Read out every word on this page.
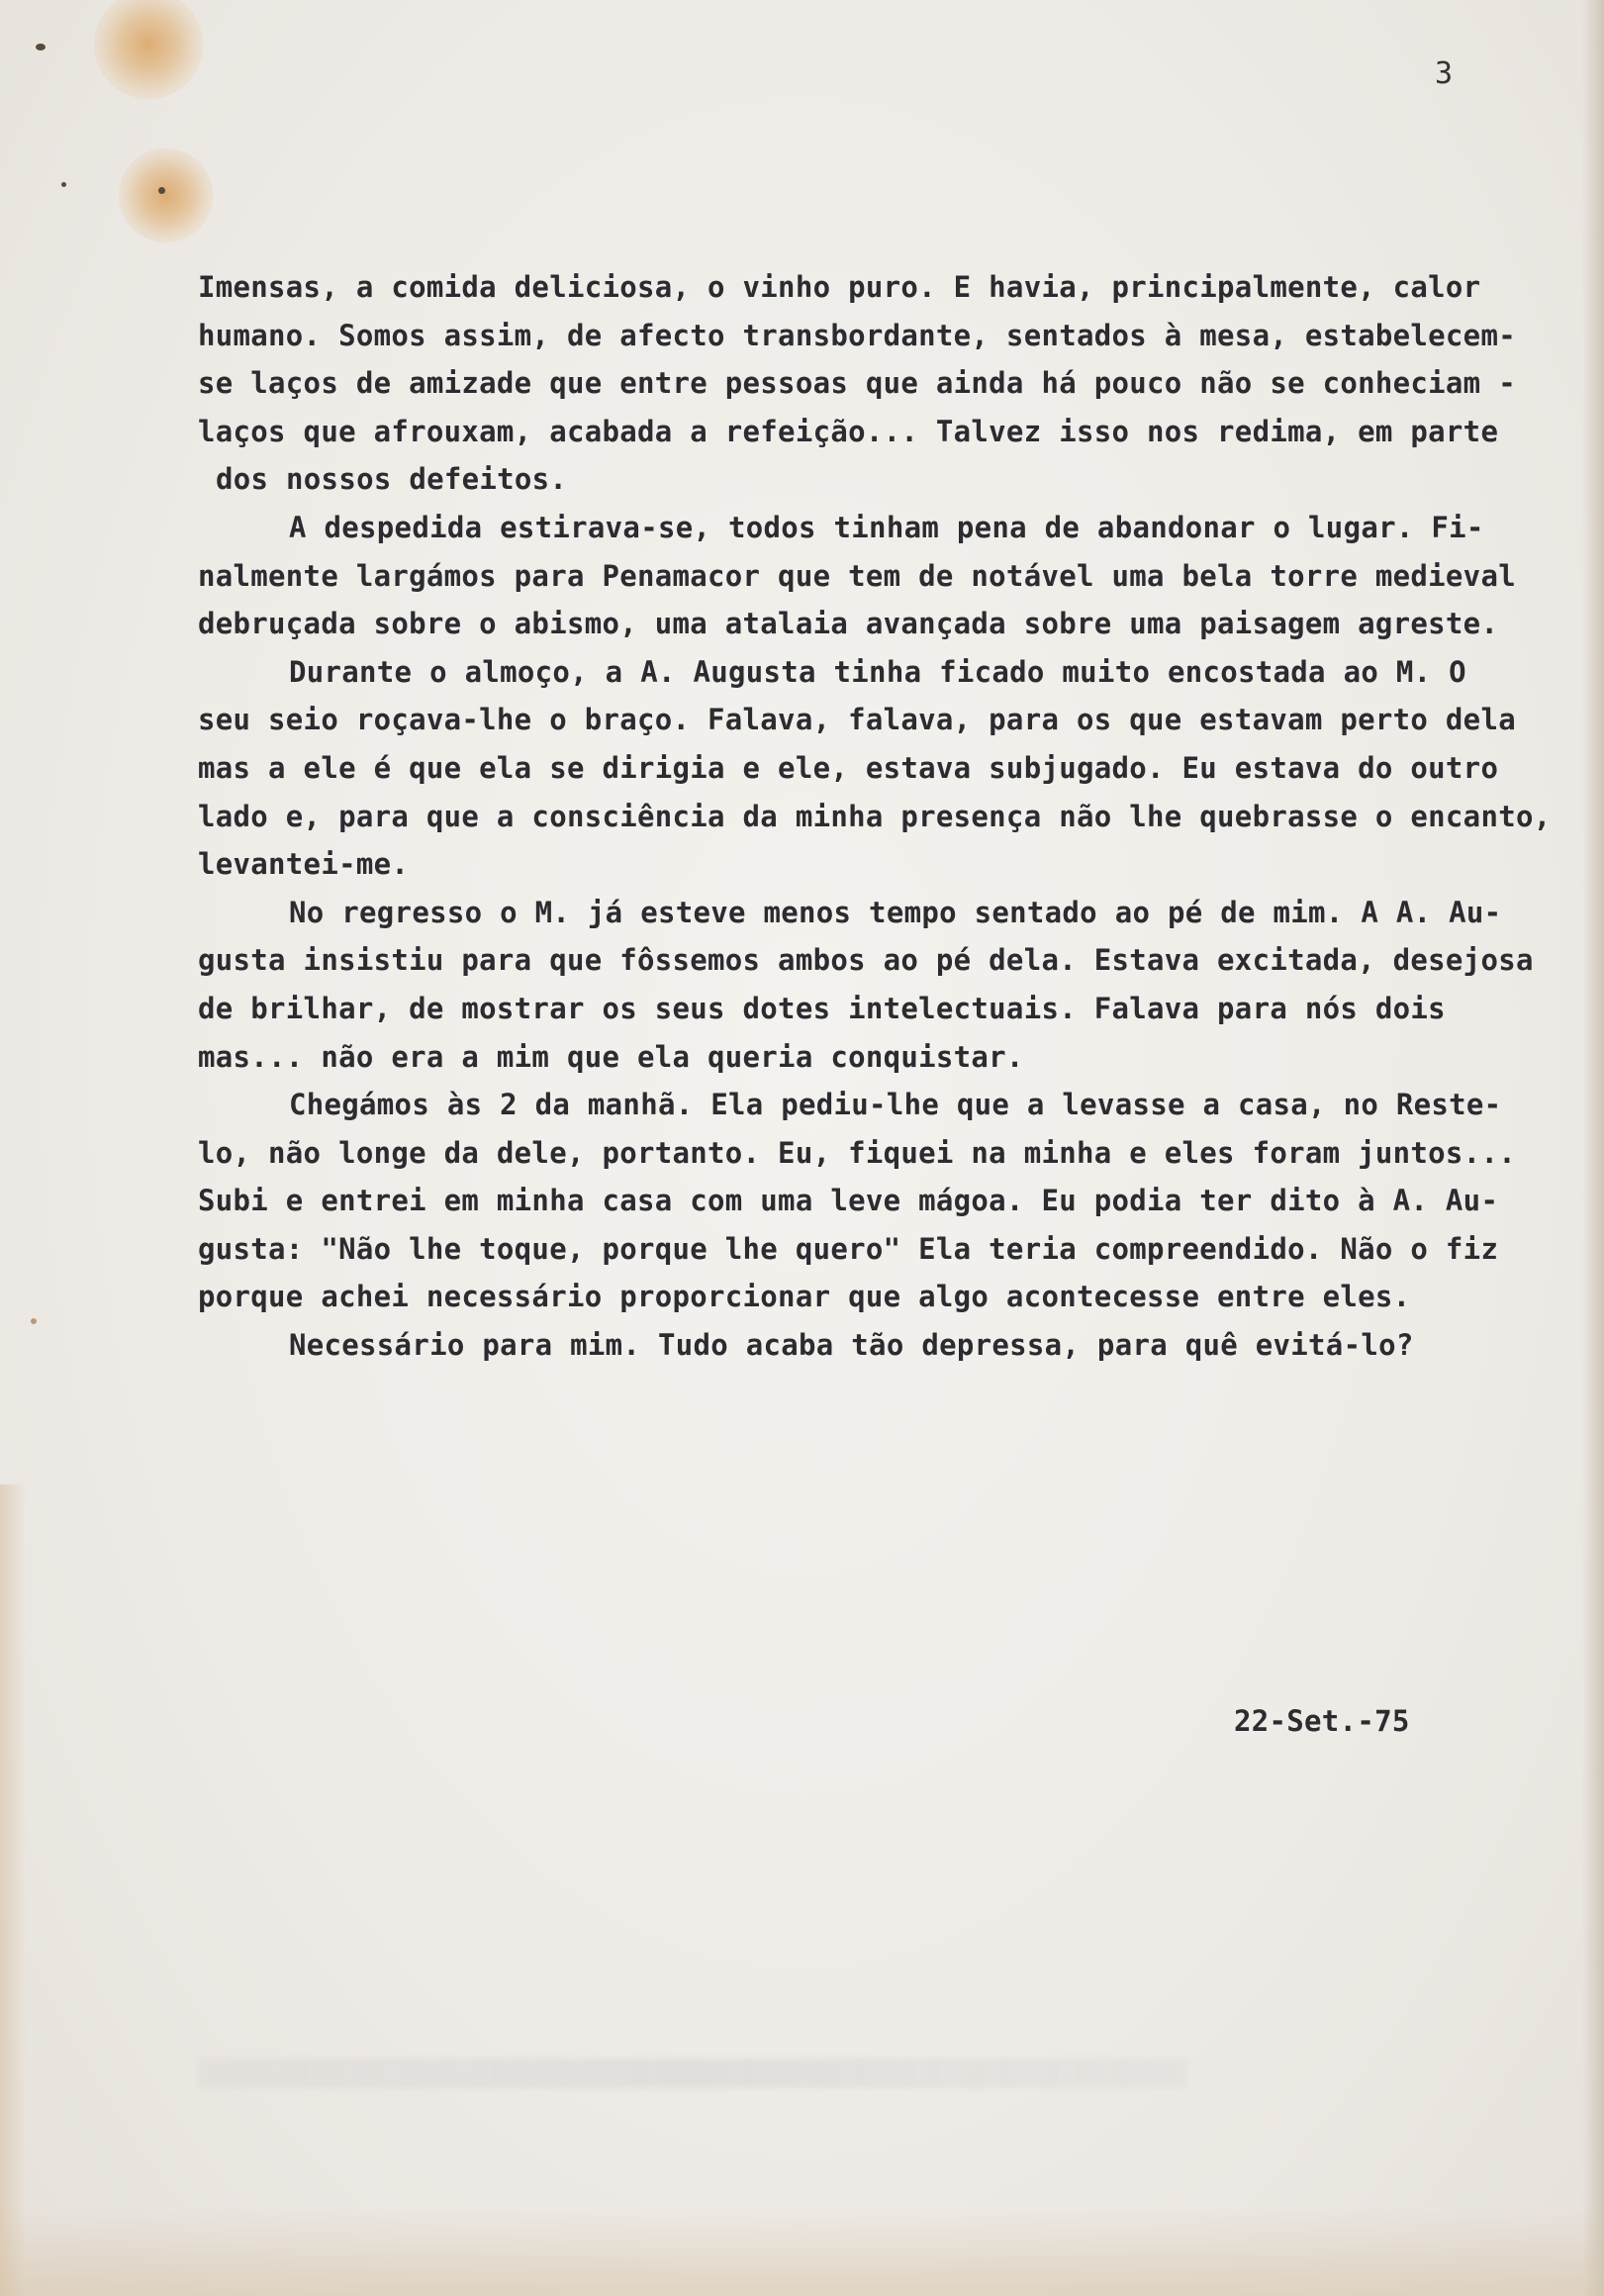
3
Imensas, a comida deliciosa, o vinho puro. E havia, principalmente, calor
humano. Somos assim, de afecto transbordante, sentados à mesa, estabelecem-
se laços de amizade que entre pessoas que ainda há pouco não se conheciam -
laços que afrouxam, acabada a refeição... Talvez isso nos redima, em parte
dos nossos defeitos.
A despedida estirava-se, todos tinham pena de abandonar o lugar. Fi-
nalmente largámos para Penamacor que tem de notável uma bela torre medieval
debruçada sobre o abismo, uma atalaia avançada sobre uma paisagem agreste.
Durante o almoço, a A. Augusta tinha ficado muito encostada ao M. O
seu seio roçava-lhe o braço. Falava, falava, para os que estavam perto dela
mas a ele é que ela se dirigia e ele, estava subjugado. Eu estava do outro
lado e, para que a consciência da minha presença não lhe quebrasse o encanto,
levantei-me.
No regresso o M. já esteve menos tempo sentado ao pé de mim. A A. Au-
gusta insistiu para que fôssemos ambos ao pé dela. Estava excitada, desejosa
de brilhar, de mostrar os seus dotes intelectuais. Falava para nós dois
mas... não era a mim que ela queria conquistar.
Chegámos às 2 da manhã. Ela pediu-lhe que a levasse a casa, no Reste-
lo, não longe da dele, portanto. Eu, fiquei na minha e eles foram juntos...
Subi e entrei em minha casa com uma leve mágoa. Eu podia ter dito à A. Au-
gusta: "Não lhe toque, porque lhe quero" Ela teria compreendido. Não o fiz
porque achei necessário proporcionar que algo acontecesse entre eles.
Necessário para mim. Tudo acaba tão depressa, para quê evitá-lo?
22-Set.-75
